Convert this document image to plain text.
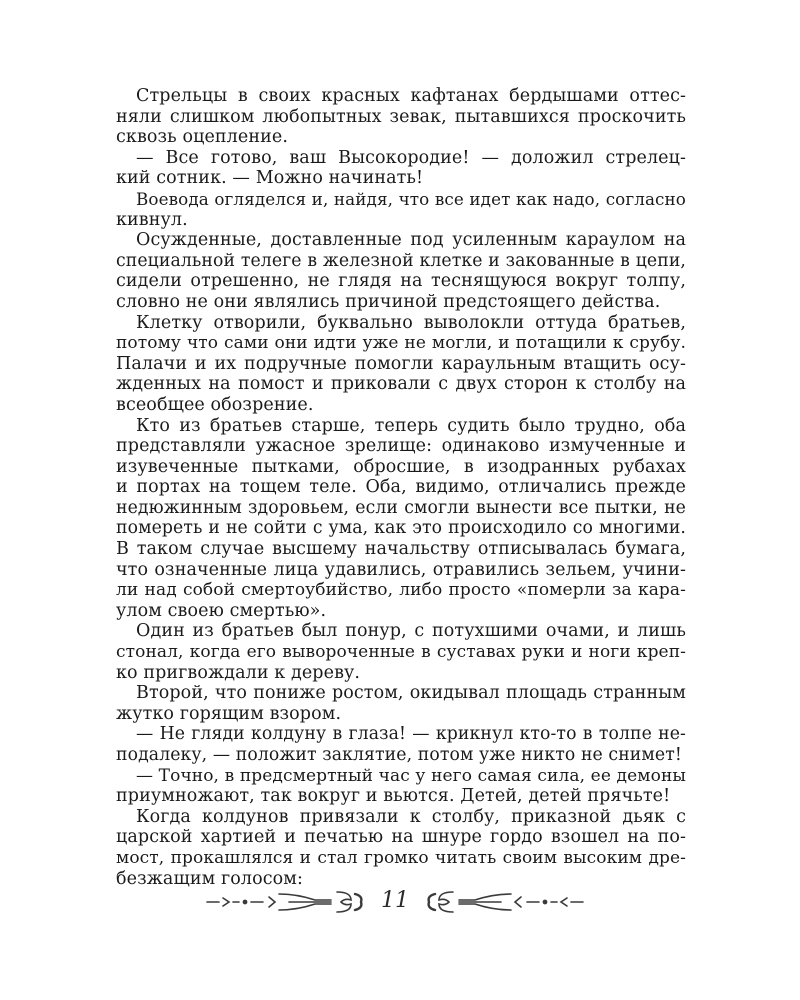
Стрельцы в своих красных кафтанах бердышами оттес-
няли слишком любопытных зевак, пытавшихся проскочить
сквозь оцепление.
— Все готово, ваш Высокородие! — доложил стрелец-
кий сотник. — Можно начинать!
Воевода огляделся и, найдя, что все идет как надо, согласно
кивнул.
Осужденные, доставленные под усиленным караулом на
специальной телеге в железной клетке и закованные в цепи,
сидели отрешенно, не глядя на теснящуюся вокруг толпу,
словно не они являлись причиной предстоящего действа.
Клетку отворили, буквально выволокли оттуда братьев,
потому что сами они идти уже не могли, и потащили к срубу.
Палачи и их подручные помогли караульным втащить осу-
жденных на помост и приковали с двух сторон к столбу на
всеобщее обозрение.
Кто из братьев старше, теперь судить было трудно, оба
представляли ужасное зрелище: одинаково измученные и
изувеченные пытками, обросшие, в изодранных рубахах
и портах на тощем теле. Оба, видимо, отличались прежде
недюжинным здоровьем, если смогли вынести все пытки, не
помереть и не сойти с ума, как это происходило со многими.
В таком случае высшему начальству отписывалась бумага,
что означенные лица удавились, отравились зельем, учини-
ли над собой смертоубийство, либо просто «померли за кара-
улом своею смертью».
Один из братьев был понур, с потухшими очами, и лишь
стонал, когда его вывороченные в суставах руки и ноги креп-
ко пригвождали к дереву.
Второй, что пониже ростом, окидывал площадь странным
жутко горящим взором.
— Не гляди колдуну в глаза! — крикнул кто-то в толпе не-
подалеку, — положит заклятие, потом уже никто не снимет!
— Точно, в предсмертный час у него самая сила, ее демоны
приумножают, так вокруг и вьются. Детей, детей прячьте!
Когда колдунов привязали к столбу, приказной дьяк с
царской хартией и печатью на шнуре гордо взошел на по-
мост, прокашлялся и стал громко читать своим высоким дре-
безжащим голосом:
11
